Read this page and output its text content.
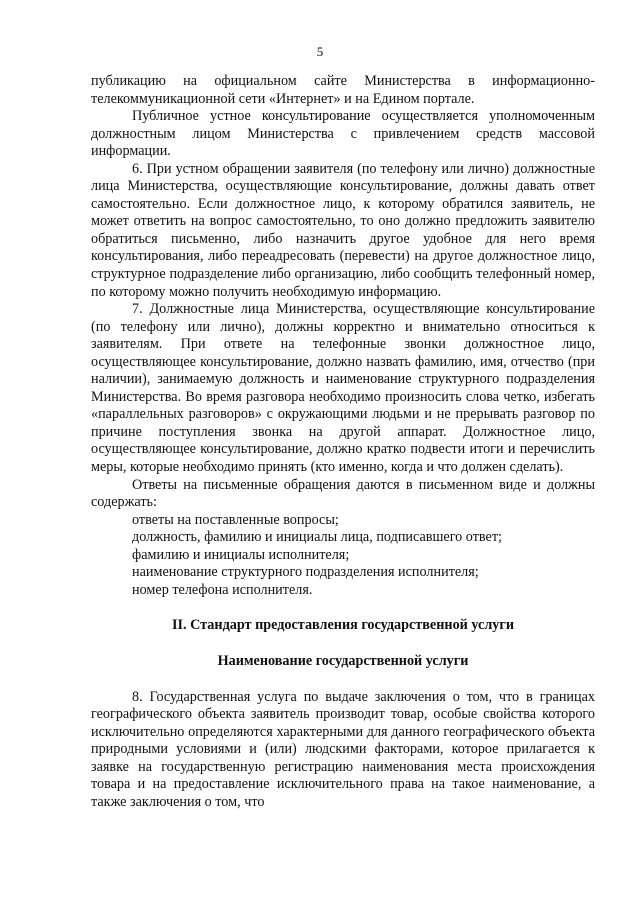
5

публикацию на официальном сайте Министерства в информационно-телекоммуникационной сети «Интернет» и на Едином портале.

Публичное устное консультирование осуществляется уполномоченным должностным лицом Министерства с привлечением средств массовой информации.

6. При устном обращении заявителя (по телефону или лично) должностные лица Министерства, осуществляющие консультирование, должны давать ответ самостоятельно. Если должностное лицо, к которому обратился заявитель, не может ответить на вопрос самостоятельно, то оно должно предложить заявителю обратиться письменно, либо назначить другое удобное для него время консультирования, либо переадресовать (перевести) на другое должностное лицо, структурное подразделение либо организацию, либо сообщить телефонный номер, по которому можно получить необходимую информацию.

7. Должностные лица Министерства, осуществляющие консультирование (по телефону или лично), должны корректно и внимательно относиться к заявителям. При ответе на телефонные звонки должностное лицо, осуществляющее консультирование, должно назвать фамилию, имя, отчество (при наличии), занимаемую должность и наименование структурного подразделения Министерства. Во время разговора необходимо произносить слова четко, избегать «параллельных разговоров» с окружающими людьми и не прерывать разговор по причине поступления звонка на другой аппарат. Должностное лицо, осуществляющее консультирование, должно кратко подвести итоги и перечислить меры, которые необходимо принять (кто именно, когда и что должен сделать).

Ответы на письменные обращения даются в письменном виде и должны содержать:

ответы на поставленные вопросы;

должность, фамилию и инициалы лица, подписавшего ответ;

фамилию и инициалы исполнителя;

наименование структурного подразделения исполнителя;

номер телефона исполнителя.

II. Стандарт предоставления государственной услуги

Наименование государственной услуги

8. Государственная услуга по выдаче заключения о том, что в границах географического объекта заявитель производит товар, особые свойства которого исключительно определяются характерными для данного географического объекта природными условиями и (или) людскими факторами, которое прилагается к заявке на государственную регистрацию наименования места происхождения товара и на предоставление исключительного права на такое наименование, а также заключения о том, что
